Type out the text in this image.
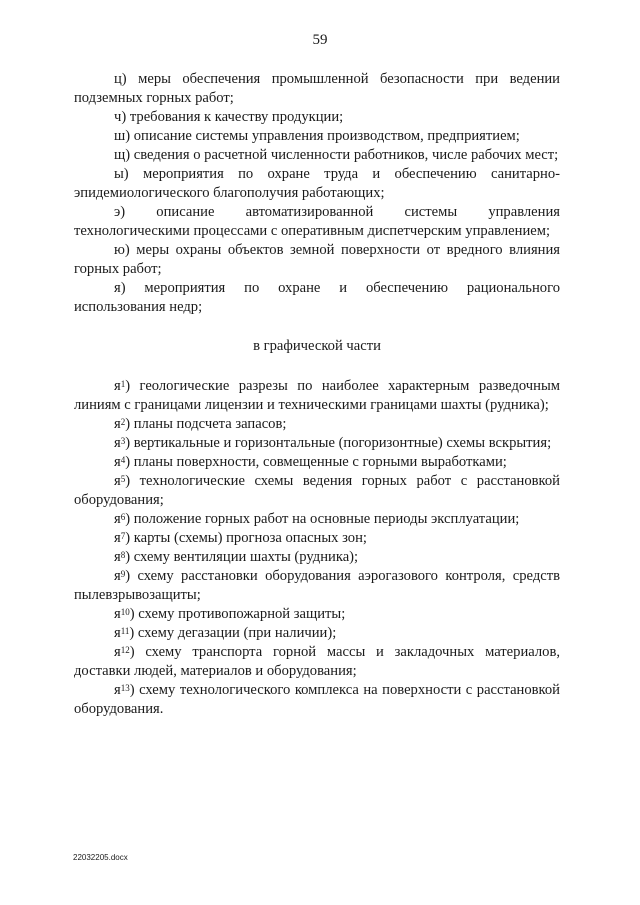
59

ц) меры обеспечения промышленной безопасности при ведении подземных горных работ;

ч) требования к качеству продукции;

ш) описание системы управления производством, предприятием;

щ) сведения о расчетной численности работников, числе рабочих мест;

ы) мероприятия по охране труда и обеспечению санитарно-эпидемиологического благополучия работающих;

э) описание автоматизированной системы управления технологическими процессами с оперативным диспетчерским управлением;

ю) меры охраны объектов земной поверхности от вредного влияния горных работ;

я) мероприятия по охране и обеспечению рационального использования недр;

в графической части

$я^1$) геологические разрезы по наиболее характерным разведочным линиям с границами лицензии и техническими границами шахты (рудника);

$я^2$) планы подсчета запасов;

$я^3$) вертикальные и горизонтальные (погоризонтные) схемы вскрытия;

$я^4$) планы поверхности, совмещенные с горными выработками;

$я^5$) технологические схемы ведения горных работ с расстановкой оборудования;

$я^6$) положение горных работ на основные периоды эксплуатации;

$я^7$) карты (схемы) прогноза опасных зон;

$я^8$) схему вентиляции шахты (рудника);

$я^9$) схему расстановки оборудования аэрогазового контроля, средств пылевзрывозащиты;

$я^{10}$) схему противопожарной защиты;

$я^{11}$) схему дегазации (при наличии);

$я^{12}$) схему транспорта горной массы и закладочных материалов, доставки людей, материалов и оборудования;

$я^{13}$) схему технологического комплекса на поверхности с расстановкой оборудования.

22032205.docx
